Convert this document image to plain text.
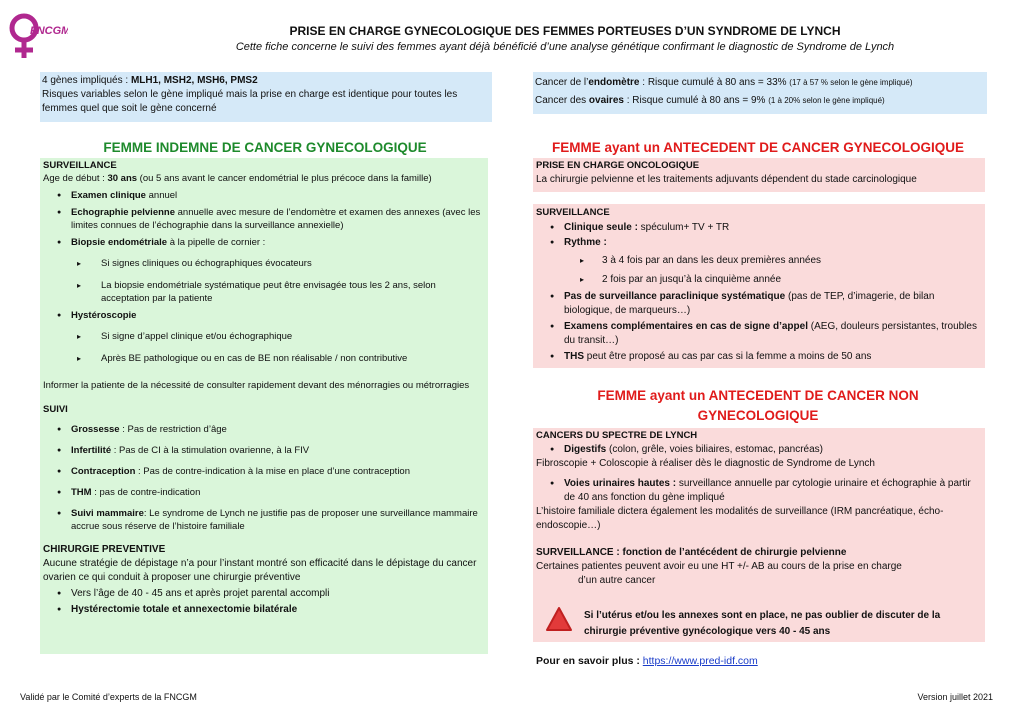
FNCGM	PRISE EN CHARGE GYNECOLOGIQUE DES FEMMES PORTEUSES D’UN SYNDROME DE LYNCH
Cette fiche concerne le suivi des femmes ayant déjà bénéficié d’une analyse génétique confirmant le diagnostic de Syndrome de Lynch
4 gènes impliqués : MLH1, MSH2, MSH6, PMS2
Risques variables selon le gène impliqué mais la prise en charge est identique pour toutes les femmes quel que soit le gène concerné
Cancer de l’endomètre : Risque cumulé à 80 ans = 33% (17 à 57 % selon le gène impliqué)
Cancer des ovaires : Risque cumulé à 80 ans = 9% (1 à 20% selon le gène impliqué)
FEMME INDEMNE DE CANCER GYNECOLOGIQUE
SURVEILLANCE
Age de début : 30 ans (ou 5 ans avant le cancer endométrial le plus précoce dans la famille)
● Examen clinique annuel
● Echographie pelvienne annuelle avec mesure de l’endomètre et examen des annexes (avec les limites connues de l’échographie dans la surveillance annexielle)
● Biopsie endométriale à la pipelle de cornier :
▸ Si signes cliniques ou échographiques évocateurs
▸ La biopsie endométriale systématique peut être envisagée tous les 2 ans, selon acceptation par la patiente
● Hystéroscopie
▸ Si signe d’appel clinique et/ou échographique
▸ Après BE pathologique ou en cas de BE non réalisable / non contributive
Informer la patiente de la nécessité de consulter rapidement devant des ménorragies ou métrorragies
SUIVI
● Grossesse : Pas de restriction d’âge
● Infertilité : Pas de CI à la stimulation ovarienne, à la FIV
● Contraception : Pas de contre-indication à la mise en place d’une contraception
● THM : pas de contre-indication
● Suivi mammaire: Le syndrome de Lynch ne justifie pas de proposer une surveillance mammaire accrue sous réserve de l’histoire familiale
CHIRURGIE PREVENTIVE
Aucune stratégie de dépistage n’a pour l’instant montré son efficacité dans le dépistage du cancer ovarien ce qui conduit à proposer une chirurgie préventive
● Vers l’âge de 40 - 45 ans et après projet parental accompli
● Hystérectomie totale et annexectomie bilatérale
FEMME ayant un ANTECEDENT DE CANCER GYNECOLOGIQUE
PRISE EN CHARGE ONCOLOGIQUE
La chirurgie pelvienne et les traitements adjuvants dépendent du stade carcinologique
SURVEILLANCE
● Clinique seule : spéculum+ TV + TR
● Rythme :
▸ 3 à 4 fois par an dans les deux premières années
▸ 2 fois par an jusqu’à la cinquième année
● Pas de surveillance paraclinique systématique (pas de TEP, d’imagerie, de bilan biologique, de marqueurs…)
● Examens complémentaires en cas de signe d’appel (AEG, douleurs persistantes, troubles du transit…)
● THS peut être proposé au cas par cas si la femme a moins de 50 ans
FEMME ayant un ANTECEDENT DE CANCER NON
GYNECOLOGIQUE
CANCERS DU SPECTRE DE LYNCH
● Digestifs (colon, grêle, voies biliaires, estomac, pancréas)
Fibroscopie + Coloscopie à réaliser dès le diagnostic de Syndrome de Lynch
● Voies urinaires hautes : surveillance annuelle par cytologie urinaire et échographie à partir de 40 ans fonction du gène impliqué
L’histoire familiale dictera également les modalités de surveillance (IRM pancréatique, écho-endoscopie…)
SURVEILLANCE : fonction de l’antécédent de chirurgie pelvienne
Certaines patientes peuvent avoir eu une HT +/- AB au cours de la prise en charge
d’un autre cancer
Si l’utérus et/ou les annexes sont en place, ne pas oublier de discuter de la chirurgie préventive gynécologique vers 40 - 45 ans
Pour en savoir plus : https://www.pred-idf.com
Validé par le Comité d’experts de la FNCGM	Version juillet 2021
